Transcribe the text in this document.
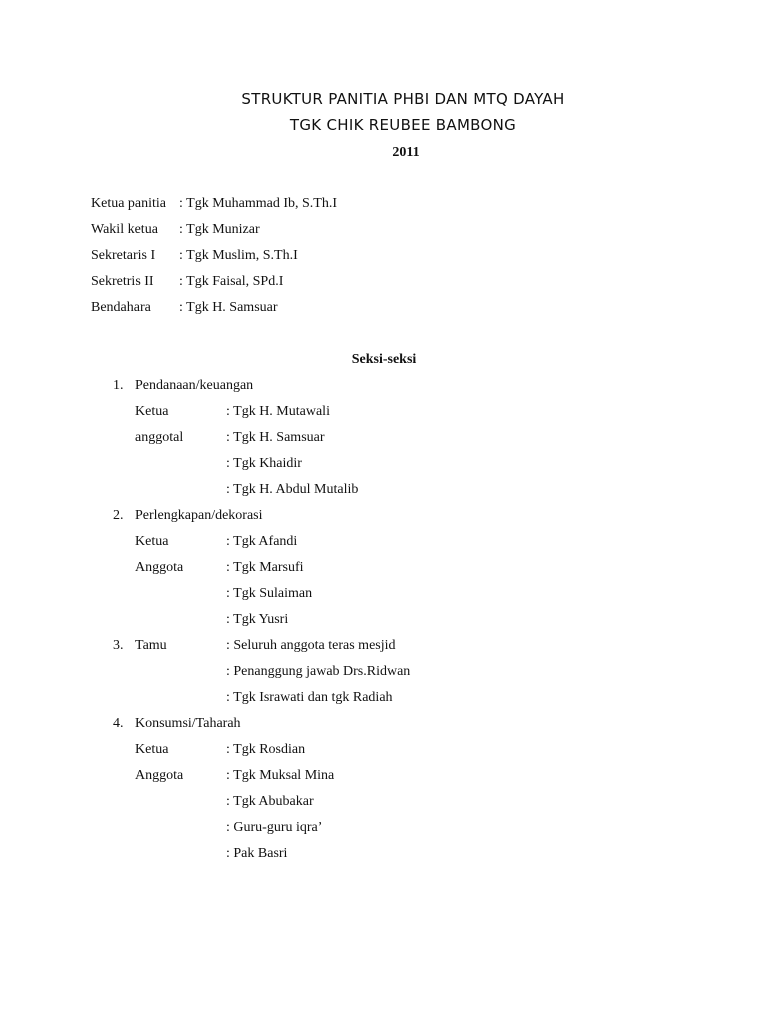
STRUKTUR PANITIA PHBI DAN MTQ DAYAH
TGK CHIK REUBEE BAMBONG
2011
Ketua panitia : Tgk Muhammad Ib, S.Th.I
Wakil ketua : Tgk Munizar
Sekretaris I : Tgk Muslim, S.Th.I
Sekretris II : Tgk Faisal, SPd.I
Bendahara : Tgk H. Samsuar
Seksi-seksi
1. Pendanaan/keuangan
Ketua	: Tgk H. Mutawali
anggotal	: Tgk H. Samsuar
: Tgk Khaidir
: Tgk H. Abdul Mutalib
2. Perlengkapan/dekorasi
Ketua	: Tgk Afandi
Anggota	: Tgk Marsufi
: Tgk Sulaiman
: Tgk Yusri
3. Tamu	: Seluruh anggota teras mesjid
: Penanggung jawab Drs.Ridwan
: Tgk Israwati dan tgk Radiah
4. Konsumsi/Taharah
Ketua	: Tgk Rosdian
Anggota	: Tgk Muksal Mina
: Tgk Abubakar
: Guru-guru iqra’
: Pak Basri
